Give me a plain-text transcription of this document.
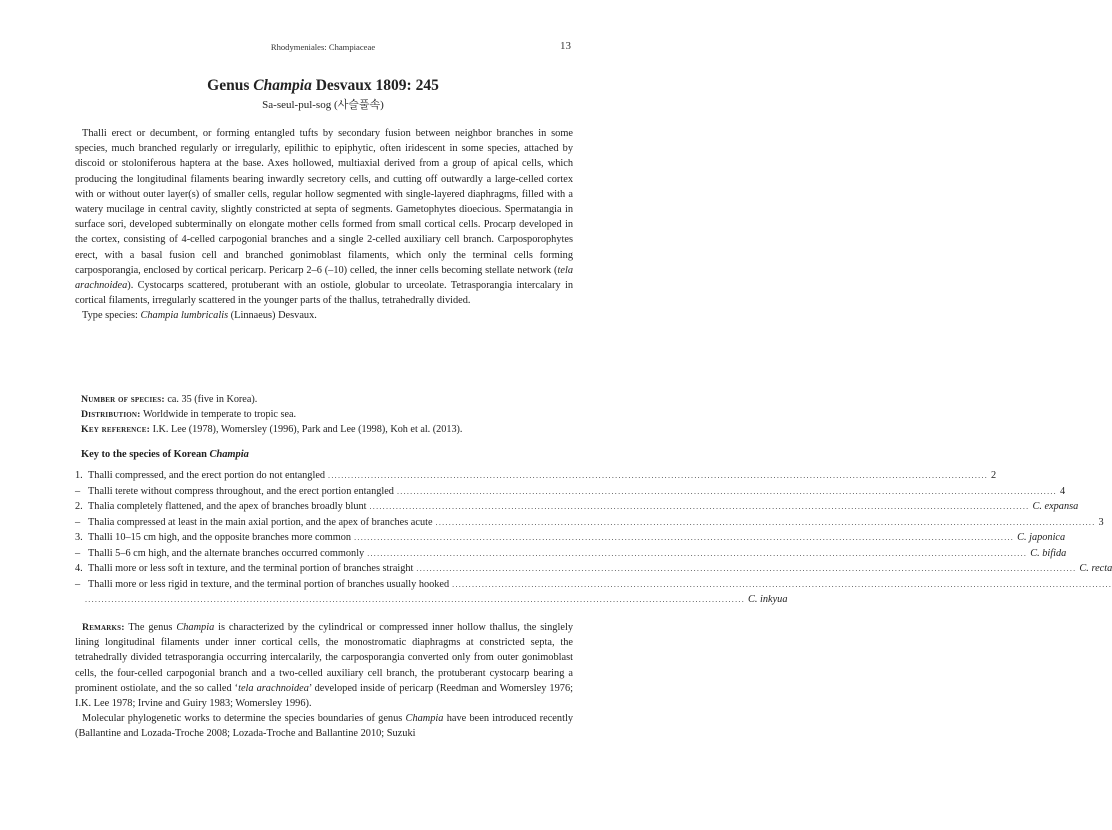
Rhodymeniales: Champiaceae	13
Genus Champia Desvaux 1809: 245
Sa-seul-pul-sog (사슬풀속)

Thalli erect or decumbent, or forming entangled tufts by secondary fusion between neighbor branches in some species, much branched regularly or irregularly, epilithic to epiphytic, often iridescent in some species, attached by discoid or stoloniferous haptera at the base. Axes hollowed, multiaxial derived from a group of apical cells, which producing the longitudinal filaments bearing inwardly secretory cells, and cutting off outwardly a large-celled cortex with or without outer layer(s) of smaller cells, regular hollow segmented with single-layered diaphragms, filled with a watery mucilage in central cavity, slightly constricted at septa of segments. Gametophytes dioecious. Spermatangia in surface sori, developed subterminally on elongate mother cells formed from small cortical cells. Procarp developed in the cortex, consisting of 4-celled carpogonial branches and a single 2-celled auxiliary cell branch. Carposporophytes erect, with a basal fusion cell and branched gonimoblast filaments, which only the terminal cells forming carposporangia, enclosed by cortical pericarp. Pericarp 2–6 (–10) celled, the inner cells becoming stellate network (tela arachnoidea). Cystocarps scattered, protuberant with an ostiole, globular to urceolate. Tetrasporangia intercalary in cortical filaments, irregularly scattered in the younger parts of the thallus, tetrahedrally divided.

Type species: Champia lumbricalis (Linnaeus) Desvaux.

Number of species: ca. 35 (five in Korea).
Distribution: Worldwide in temperate to tropic sea.
Key reference: I.K. Lee (1978), Womersley (1996), Park and Lee (1998), Koh et al. (2013).
Key to the species of Korean Champia
1. Thalli compressed, and the erect portion do not entangled ........................................................................................................................................................................................................ 2
– Thalli terete without compress throughout, and the erect portion entangled ........................................................................................................................................................................................................ 4
2. Thalia completely flattened, and the apex of branches broadly blunt ........................................................................................................................................................................................................ C. expansa
– Thalia compressed at least in the main axial portion, and the apex of branches acute ........................................................................................................................................................................................................ 3
3. Thalli 10–15 cm high, and the opposite branches more common ........................................................................................................................................................................................................ C. japonica
– Thalli 5–6 cm high, and the alternate branches occurred commonly ........................................................................................................................................................................................................ C. bifida
4. Thalli more or less soft in texture, and the terminal portion of branches straight ........................................................................................................................................................................................................ C. recta
– Thalli more or less rigid in texture, and the terminal portion of branches usually hooked ........................................................................................................................................................................................................
........................................................................................................................................................................................................ C. inkyua

Remarks: The genus Champia is characterized by the cylindrical or compressed inner hollow thallus, the singlely lining longitudinal filaments under inner cortical cells, the monostromatic diaphragms at constricted septa, the tetrahedrally divided tetrasporangia occurring intercalarily, the carposporangia converted only from outer gonimoblast cells, the four-celled carpogonial branch and a two-celled auxiliary cell branch, the protuberant cystocarp bearing a prominent ostiolate, and the so called ‘tela arachnoidea’ developed inside of pericarp (Reedman and Womersley 1976; I.K. Lee 1978; Irvine and Guiry 1983; Womersley 1996).

Molecular phylogenetic works to determine the species boundaries of genus Champia have been introduced recently (Ballantine and Lozada-Troche 2008; Lozada-Troche and Ballantine 2010; Suzuki
